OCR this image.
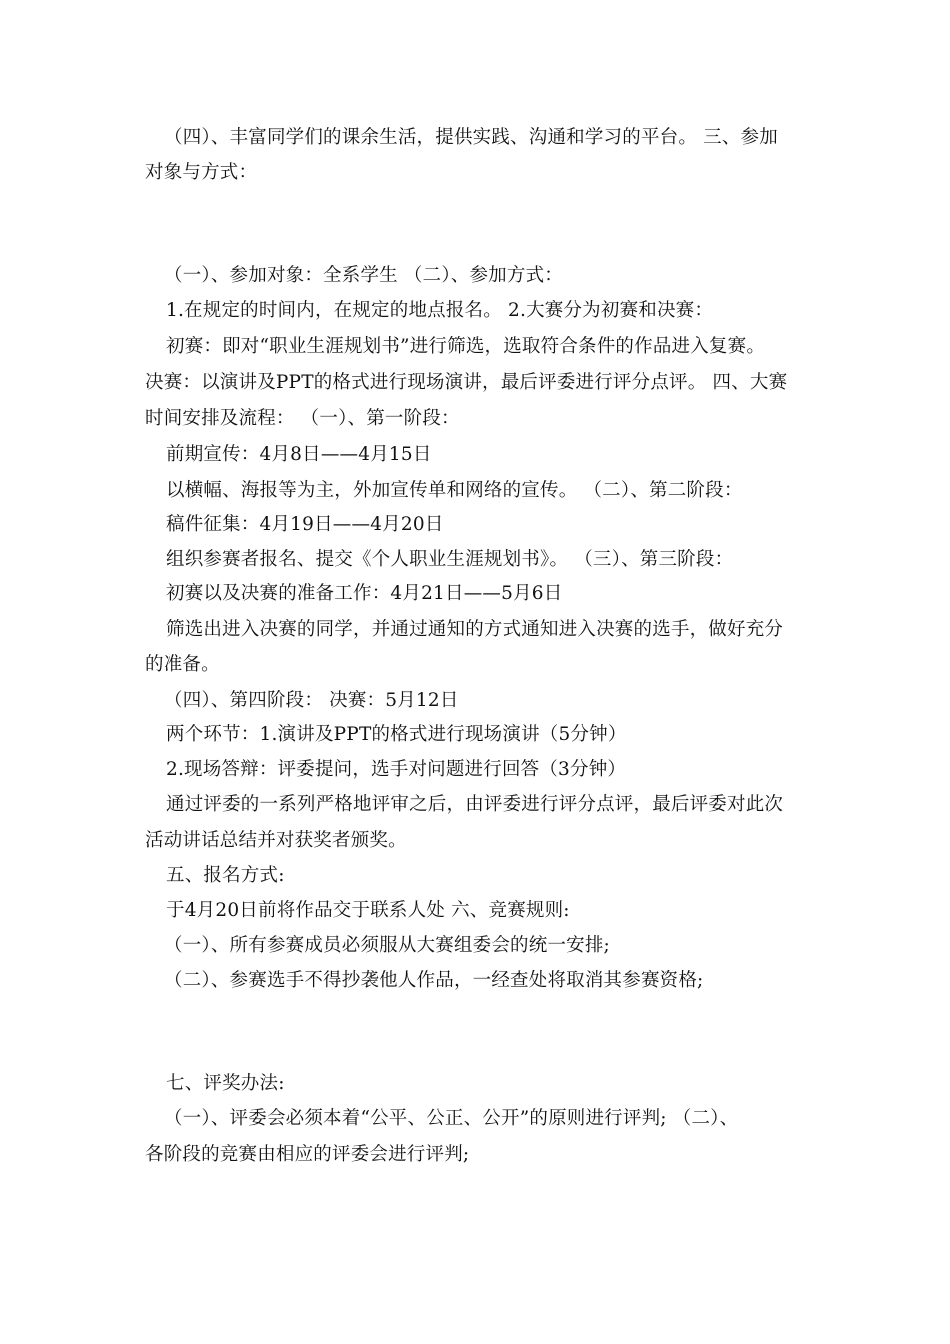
（四）、丰富同学们的课余生活，提供实践、沟通和学习的平台。 三、参加
对象与方式：
（一）、参加对象：全系学生 （二）、参加方式：
1.在规定的时间内，在规定的地点报名。 2.大赛分为初赛和决赛：
初赛：即对“职业生涯规划书”进行筛选，选取符合条件的作品进入复赛。
决赛：以演讲及PPT的格式进行现场演讲，最后评委进行评分点评。 四、大赛
时间安排及流程： （一）、第一阶段：
前期宣传：4月8日——4月15日
以横幅、海报等为主，外加宣传单和网络的宣传。 （二）、第二阶段：
稿件征集：4月19日——4月20日
组织参赛者报名、提交《个人职业生涯规划书》。 （三）、第三阶段：
初赛以及决赛的准备工作：4月21日——5月6日
筛选出进入决赛的同学，并通过通知的方式通知进入决赛的选手，做好充分
的准备。
（四）、第四阶段： 决赛：5月12日
两个环节：1.演讲及PPT的格式进行现场演讲（5分钟）
2.现场答辩：评委提问，选手对问题进行回答（3分钟）
通过评委的一系列严格地评审之后，由评委进行评分点评，最后评委对此次
活动讲话总结并对获奖者颁奖。
五、报名方式:
于4月20日前将作品交于联系人处 六、竞赛规则:
（一）、所有参赛成员必须服从大赛组委会的统一安排;
（二）、参赛选手不得抄袭他人作品，一经查处将取消其参赛资格;
七、评奖办法:
（一）、评委会必须本着“公平、公正、公开”的原则进行评判; （二）、
各阶段的竞赛由相应的评委会进行评判;
